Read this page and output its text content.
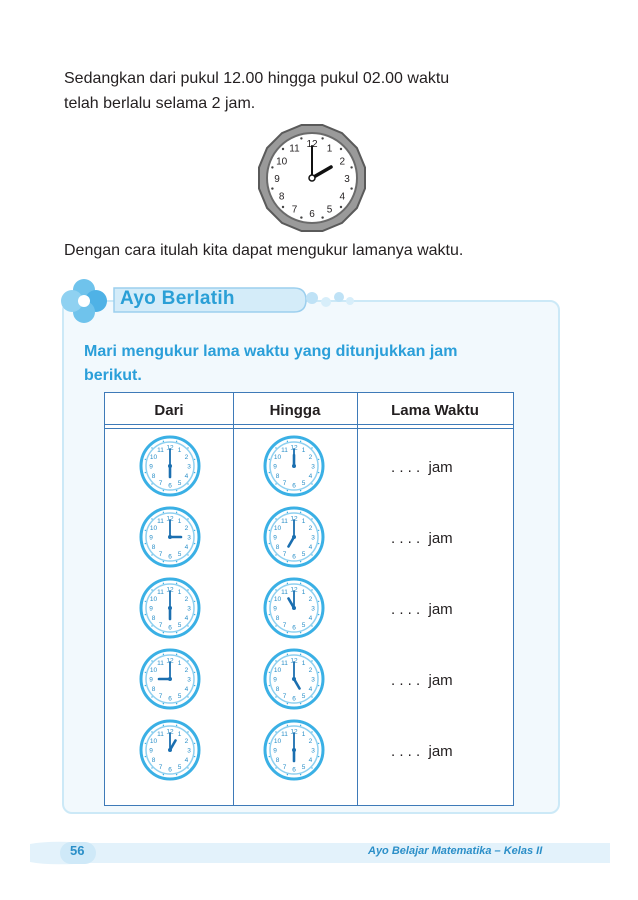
Sedangkan dari pukul 12.00 hingga pukul 02.00 waktu
telah berlalu selama 2 jam.

12 1
2
3
4
5
6
7
8
9
10
11

Dengan cara itulah kita dapat mengukur lamanya waktu.

Ayo Berlatih

Mari mengukur lama waktu yang ditunjukkan jam
berikut.

Dari	Hingga	Lama Waktu
12 1
2
3
4
5
6
7
8
9
10
11	12 1
2
3
4
5
6
7
8
9
10
11
. . . .  jam
12 1
2
3
4
5
6
7
8
9
10
11	12 1
2
3
4
5
6
7
8
9
10
11
. . . .  jam
12 1
2
3
4
5
6
7
8
9
10
11	12 1
2
3
4
5
6
7
8
9
10
11
. . . .  jam
12 1
2
3
4
5
6
7
8
9
10
11	12 1
2
3
4
5
6
7
8
9
10
11
. . . .  jam
12 1
2
3
4
5
6
7
8
9
10
11	12 1
2
3
4
5
6
7
8
9
10
11
. . . .  jam
56	Ayo Belajar Matematika – Kelas II
